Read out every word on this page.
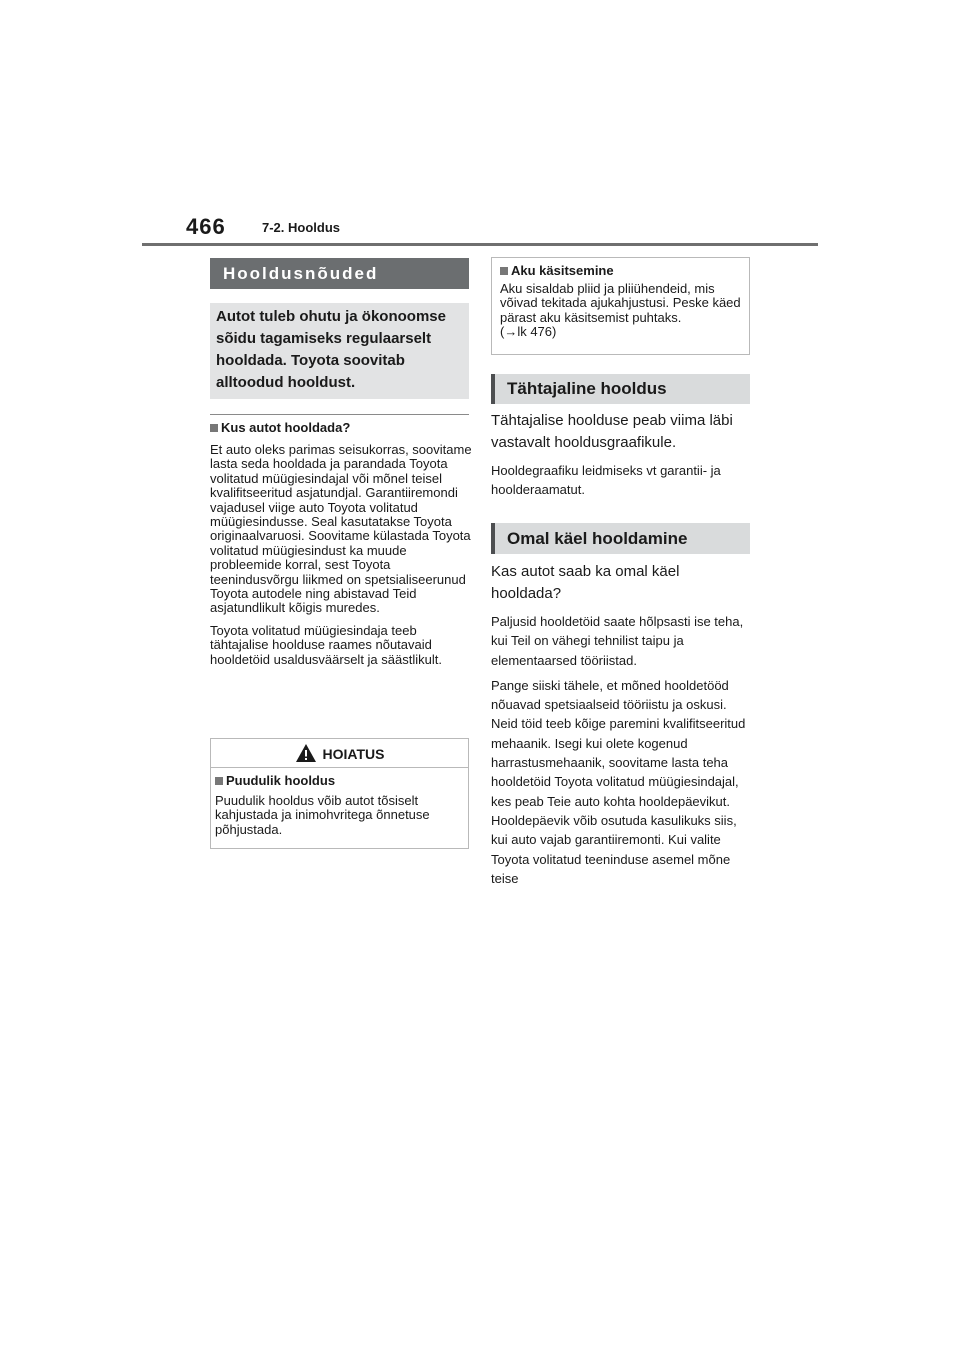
466	7-2. Hooldus
Hooldusnõuded

Autot tuleb ohutu ja ökonoomse sõidu tagamiseks regulaarselt hooldada. Toyota soovitab alltoodud hooldust.

Kus autot hooldada?

Et auto oleks parimas seisukorras, soovitame lasta seda hooldada ja parandada Toyota volitatud müügiesindajal või mõnel teisel kvalifitseeritud asjatundjal. Garantiiremondi vajadusel viige auto Toyota volitatud müügiesindusse. Seal kasutatakse Toyota originaalvaruosi. Soovitame külastada Toyota volitatud müügiesindust ka muude probleemide korral, sest Toyota teenindusvõrgu liikmed on spetsialiseerunud Toyota autodele ning abistavad Teid asjatundlikult kõigis muredes.

Toyota volitatud müügiesindaja teeb tähtajalise hoolduse raames nõutavaid hooldetöid usaldusväärselt ja säästlikult.

HOIATUS
Puudulik hooldus

Puudulik hooldus võib autot tõsiselt kahjustada ja inimohvritega õnnetuse põhjustada.

Aku käsitsemine

Aku sisaldab pliid ja pliiühendeid, mis võivad tekitada ajukahjustusi. Peske käed pärast aku käsitsemist puhtaks.
(→lk 476)

Tähtajaline hooldus

Tähtajalise hoolduse peab viima läbi vastavalt hooldusgraafikule.

Hooldegraafiku leidmiseks vt garantii- ja hoolderaamatut.

Omal käel hooldamine

Kas autot saab ka omal käel hooldada?

Paljusid hooldetöid saate hõlpsasti ise teha, kui Teil on vähegi tehnilist taipu ja elementaarsed tööriistad.

Pange siiski tähele, et mõned hooldetööd nõuavad spetsiaalseid tööriistu ja oskusi. Neid töid teeb kõige paremini kvalifitseeritud mehaanik. Isegi kui olete kogenud harrastusmehaanik, soovitame lasta teha hooldetöid Toyota volitatud müügiesindajal, kes peab Teie auto kohta hooldepäevikut. Hooldepäevik võib osutuda kasulikuks siis, kui auto vajab garantiiremonti. Kui valite Toyota volitatud teeninduse asemel mõne teise
